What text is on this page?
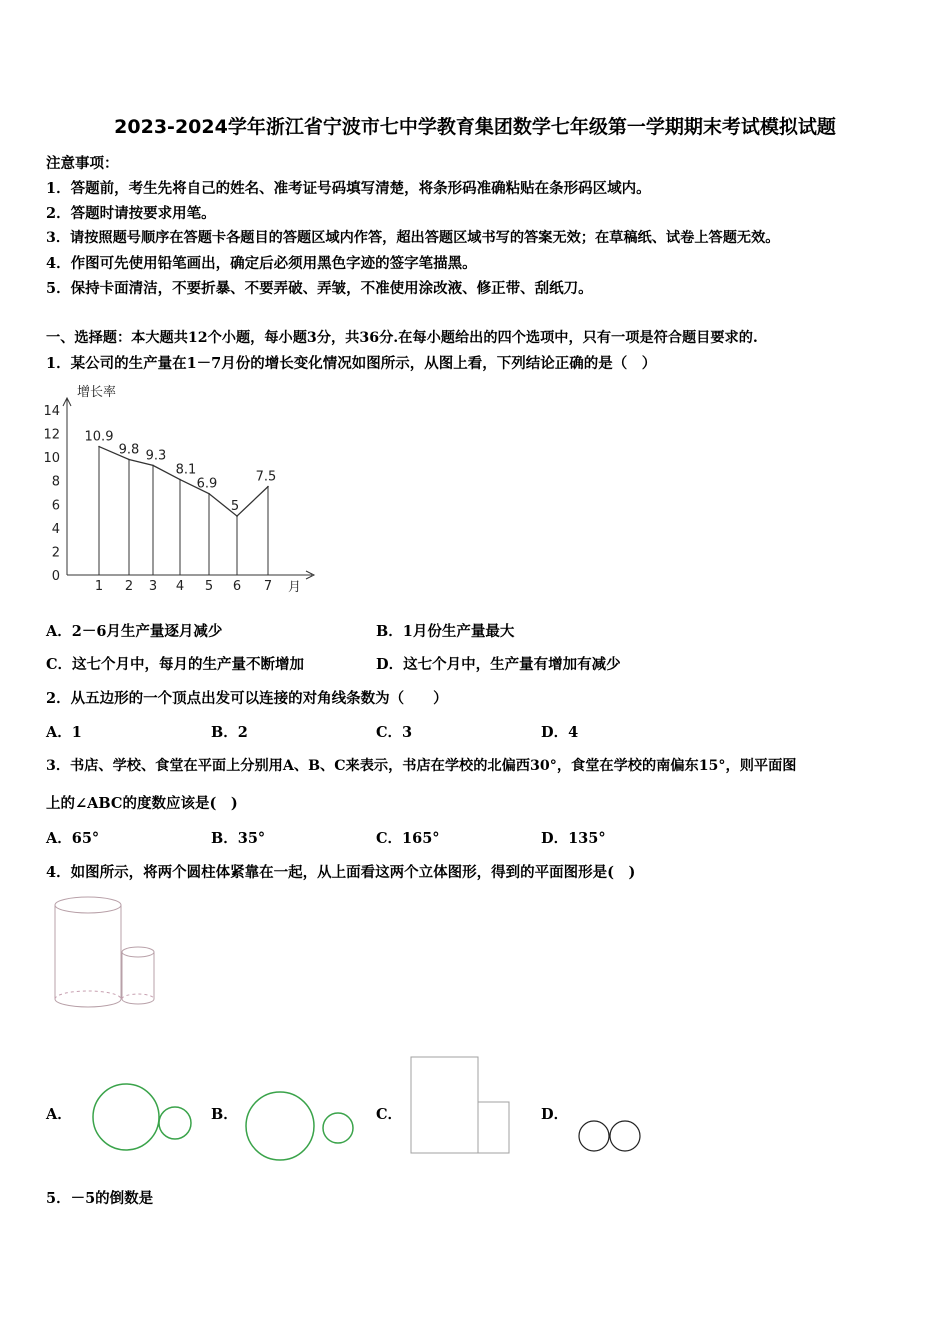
2023-2024学年浙江省宁波市七中学教育集团数学七年级第一学期期末考试模拟试题
注意事项：
1．答题前，考生先将自己的姓名、准考证号码填写清楚，将条形码准确粘贴在条形码区域内。
2．答题时请按要求用笔。
3．请按照题号顺序在答题卡各题目的答题区域内作答，超出答题区域书写的答案无效；在草稿纸、试卷上答题无效。
4．作图可先使用铅笔画出，确定后必须用黑色字迹的签字笔描黑。
5．保持卡面清洁，不要折暴、不要弄破、弄皱，不准使用涂改液、修正带、刮纸刀。
一、选择题：本大题共12个小题，每小题3分，共36分.在每小题给出的四个选项中，只有一项是符合题目要求的.
1．某公司的生产量在1－7月份的增长变化情况如图所示，从图上看，下列结论正确的是（　）
增长率
月
0
2
4
6
8
10
12
14
1 2 3 4 5 6 7
10.9
9.8 9.3
8.1
6.9
5
7.5
A．2－6月生产量逐月减少	B．1月份生产量最大
C．这七个月中，每月的生产量不断增加	D．这七个月中，生产量有增加有减少
2．从五边形的一个顶点出发可以连接的对角线条数为（　　）
A．1	B．2	C．3	D．4
3．书店、学校、食堂在平面上分别用A、B、C来表示，书店在学校的北偏西30°，食堂在学校的南偏东15°，则平面图
上的∠ABC的度数应该是(　)
A．65°	B．35°	C．165°	D．135°
4．如图所示，将两个圆柱体紧靠在一起，从上面看这两个立体图形，得到的平面图形是(　)
A．	B．	C．	D．
5．－5的倒数是
